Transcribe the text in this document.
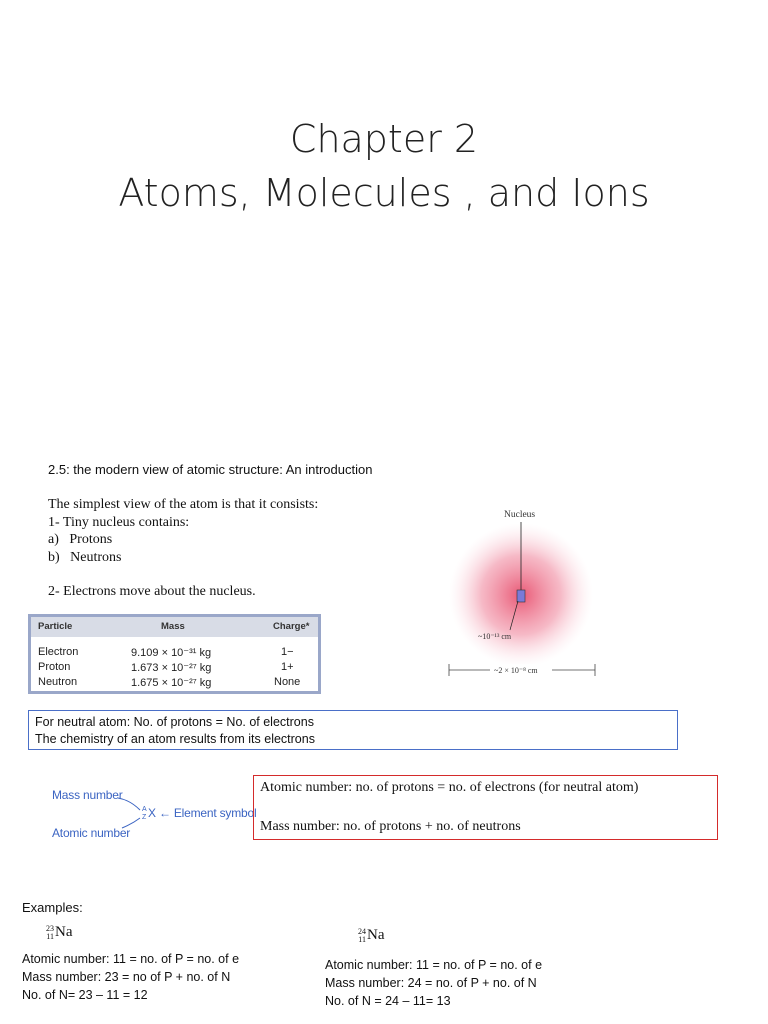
Chapter 2
Atoms, Molecules , and Ions
2.5: the modern view of atomic structure: An introduction
The simplest view of the atom is that it consists:
1- Tiny nucleus contains:
a)   Protons
b)   Neutrons
2- Electrons move about the nucleus.
Particle	Mass	Charge*
Electron	9.109 × 10⁻³¹ kg	1−
Proton	1.673 × 10⁻²⁷ kg	1+
Neutron	1.675 × 10⁻²⁷ kg	None
Nucleus
~10⁻¹³ cm
~2 × 10⁻⁸ cm
For neutral atom: No. of protons = No. of electrons
The chemistry of an atom results from its electrons
Mass number
Atomic number
A
Z X ← Element symbol
Atomic number: no. of protons = no. of electrons (for neutral atom)
Mass number: no. of protons + no. of neutrons
Examples:
23
11Na
Atomic number: 11 = no. of P = no. of e
Mass number: 23 = no of P + no. of N
No. of N= 23 – 11 = 12
24
11Na
Atomic number: 11 = no. of P = no. of e
Mass number: 24 = no. of P + no. of N
No. of N = 24 – 11= 13
